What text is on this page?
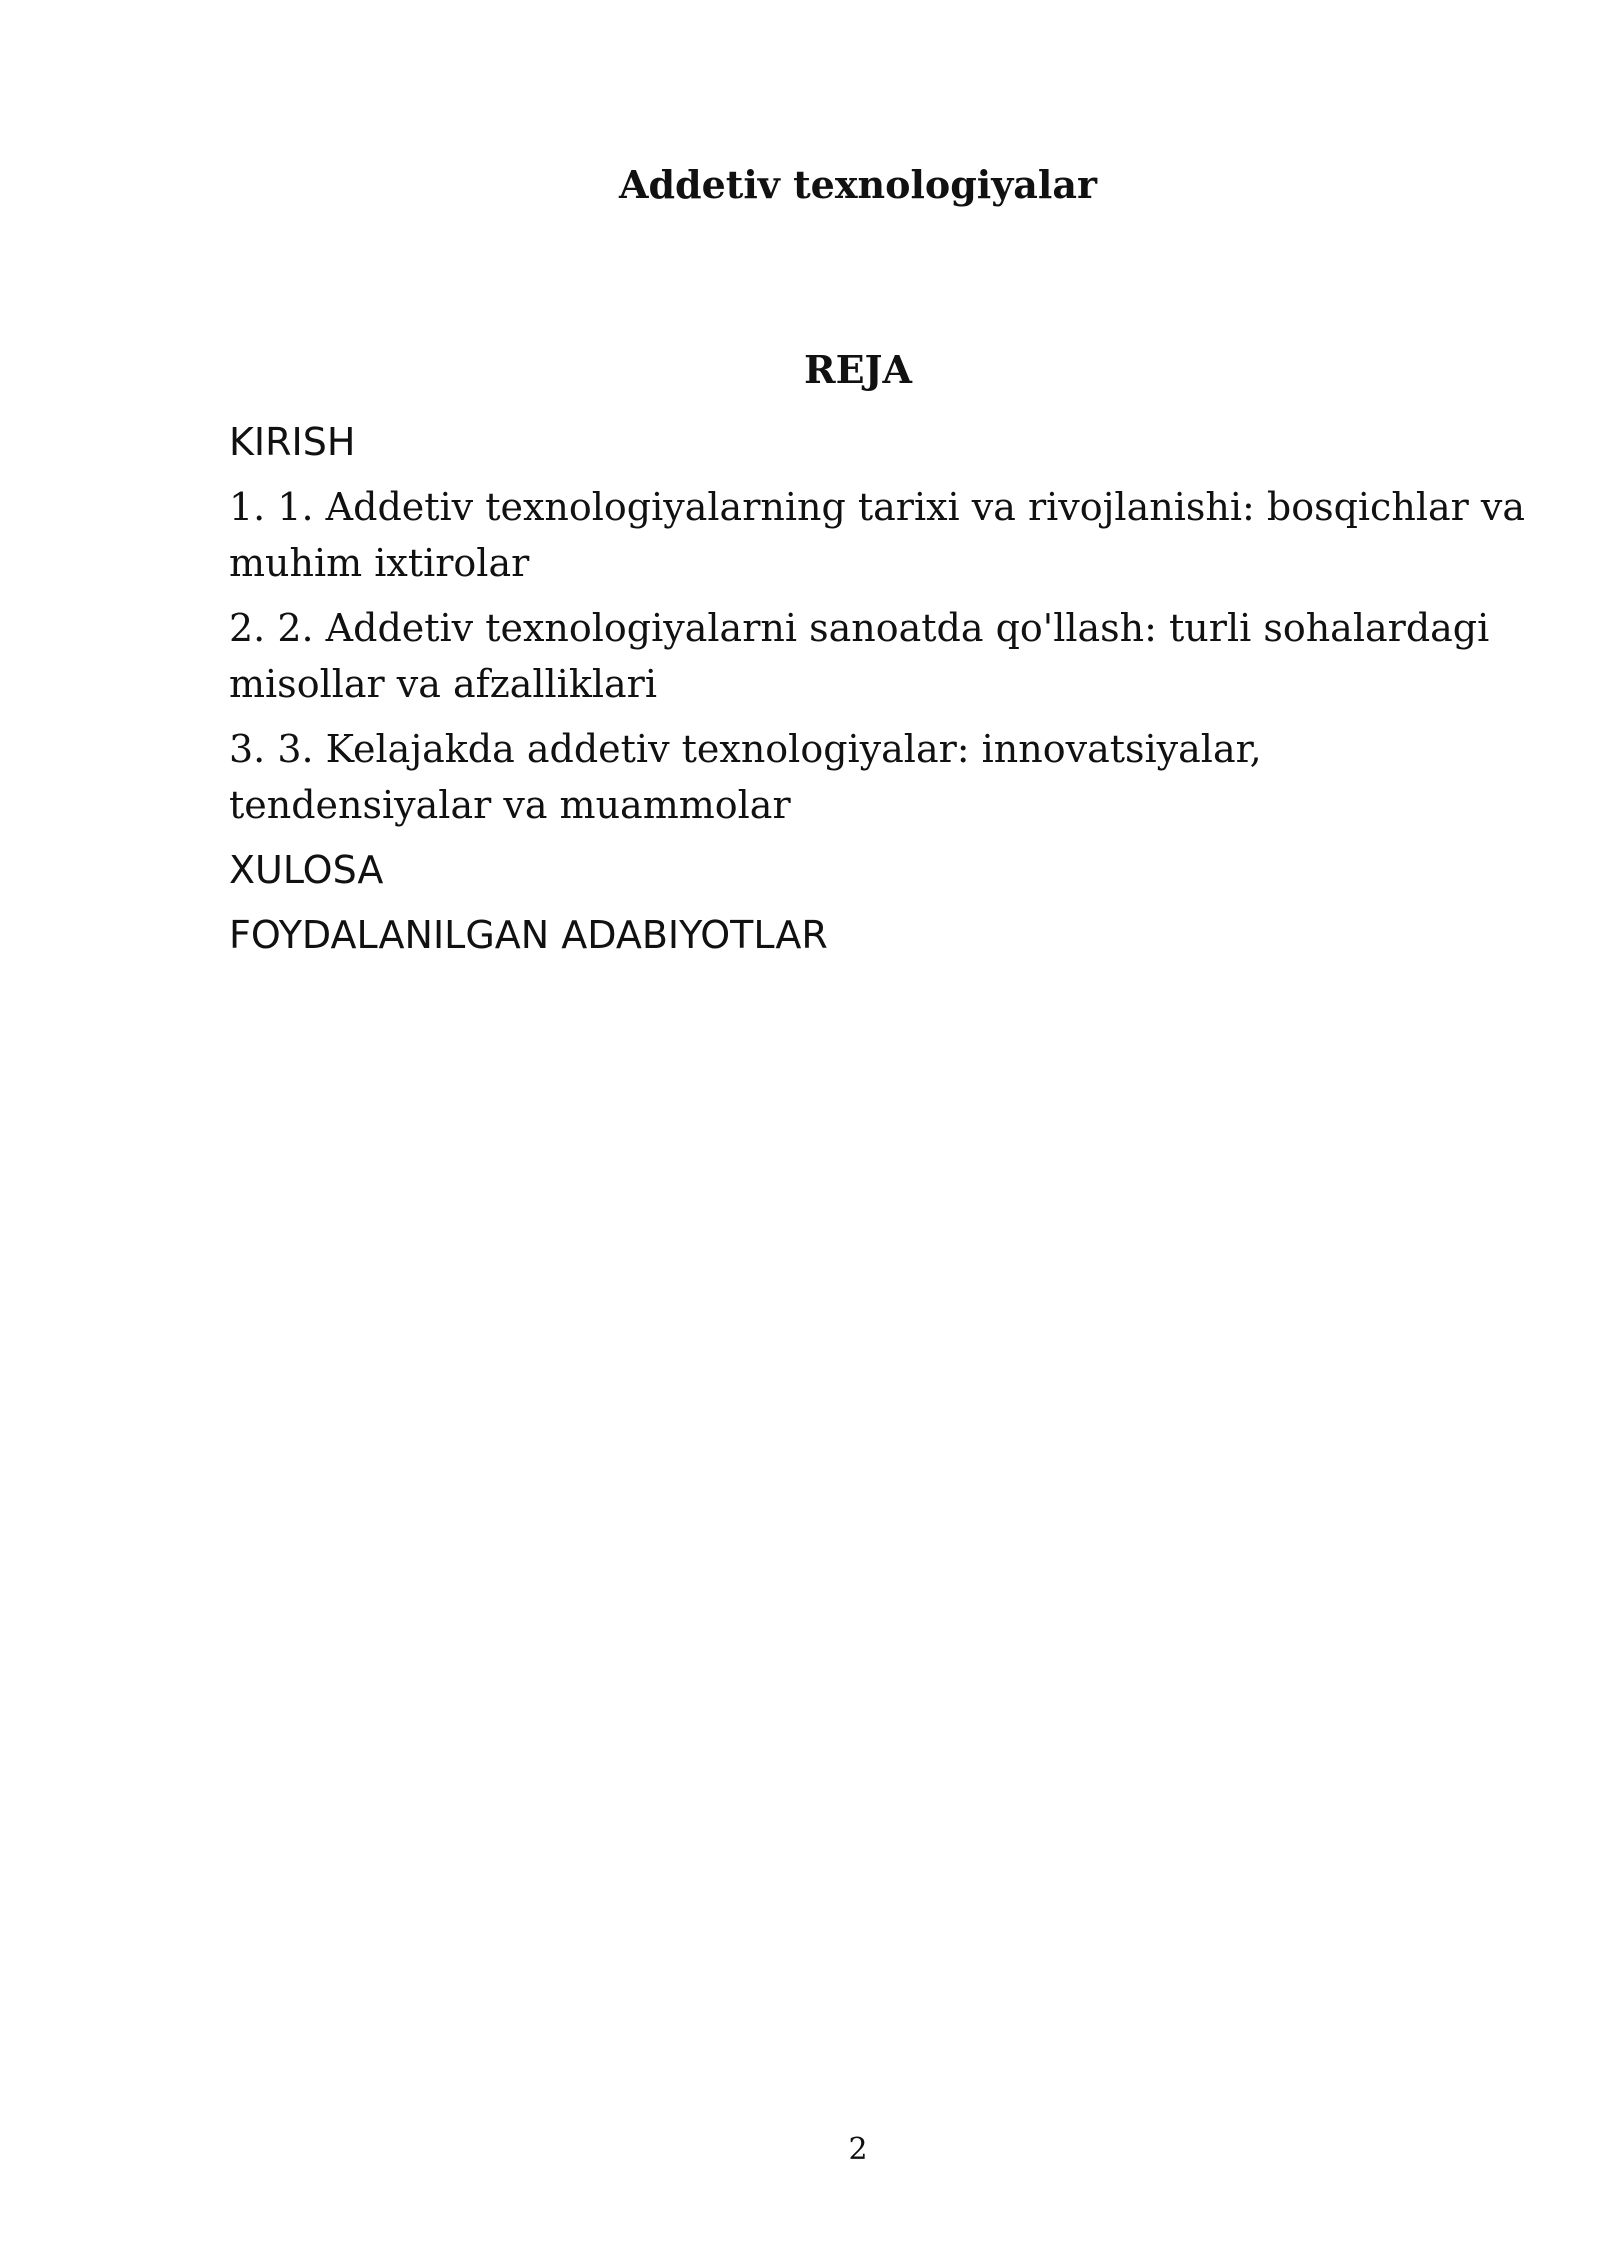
Addetiv texnologiyalar
REJA
KIRISH
1. 1. Addetiv texnologiyalarning tarixi va rivojlanishi: bosqichlar va muhim ixtirolar
2. 2. Addetiv texnologiyalarni sanoatda qo'llash: turli sohalardagi misollar va afzalliklari
3. 3. Kelajakda addetiv texnologiyalar: innovatsiyalar, tendensiyalar va muammolar
XULOSA
FOYDALANILGAN ADABIYOTLAR
2
